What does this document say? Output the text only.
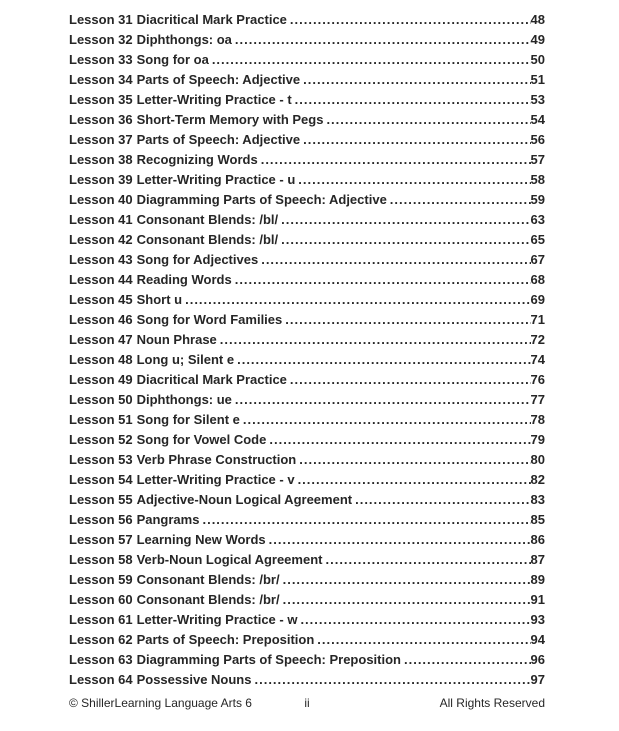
Lesson 31 Diacritical Mark Practice .....	48
Lesson 32 Diphthongs: oa .....	49
Lesson 33 Song for oa .....	50
Lesson 34 Parts of Speech: Adjective .....	51
Lesson 35 Letter-Writing Practice - t .....	53
Lesson 36 Short-Term Memory with Pegs .....	54
Lesson 37 Parts of Speech: Adjective .....	56
Lesson 38 Recognizing Words .....	57
Lesson 39 Letter-Writing Practice - u .....	58
Lesson 40 Diagramming Parts of Speech: Adjective .....	59
Lesson 41 Consonant Blends: /bl/ .....	63
Lesson 42 Consonant Blends: /bl/ .....	65
Lesson 43 Song for Adjectives .....	67
Lesson 44 Reading Words .....	68
Lesson 45 Short u .....	69
Lesson 46 Song for Word Families .....	71
Lesson 47 Noun Phrase .....	72
Lesson 48 Long u; Silent e .....	74
Lesson 49 Diacritical Mark Practice .....	76
Lesson 50 Diphthongs: ue .....	77
Lesson 51 Song for Silent e .....	78
Lesson 52 Song for Vowel Code .....	79
Lesson 53 Verb Phrase Construction .....	80
Lesson 54 Letter-Writing Practice - v .....	82
Lesson 55 Adjective-Noun Logical Agreement .....	83
Lesson 56 Pangrams .....	85
Lesson 57 Learning New Words .....	86
Lesson 58 Verb-Noun Logical Agreement .....	87
Lesson 59 Consonant Blends: /br/ .....	89
Lesson 60 Consonant Blends: /br/ .....	91
Lesson 61 Letter-Writing Practice - w .....	93
Lesson 62 Parts of Speech: Preposition .....	94
Lesson 63 Diagramming Parts of Speech: Preposition .....	96
Lesson 64 Possessive Nouns .....	97
© ShillerLearning Language Arts 6	ii	All Rights Reserved
